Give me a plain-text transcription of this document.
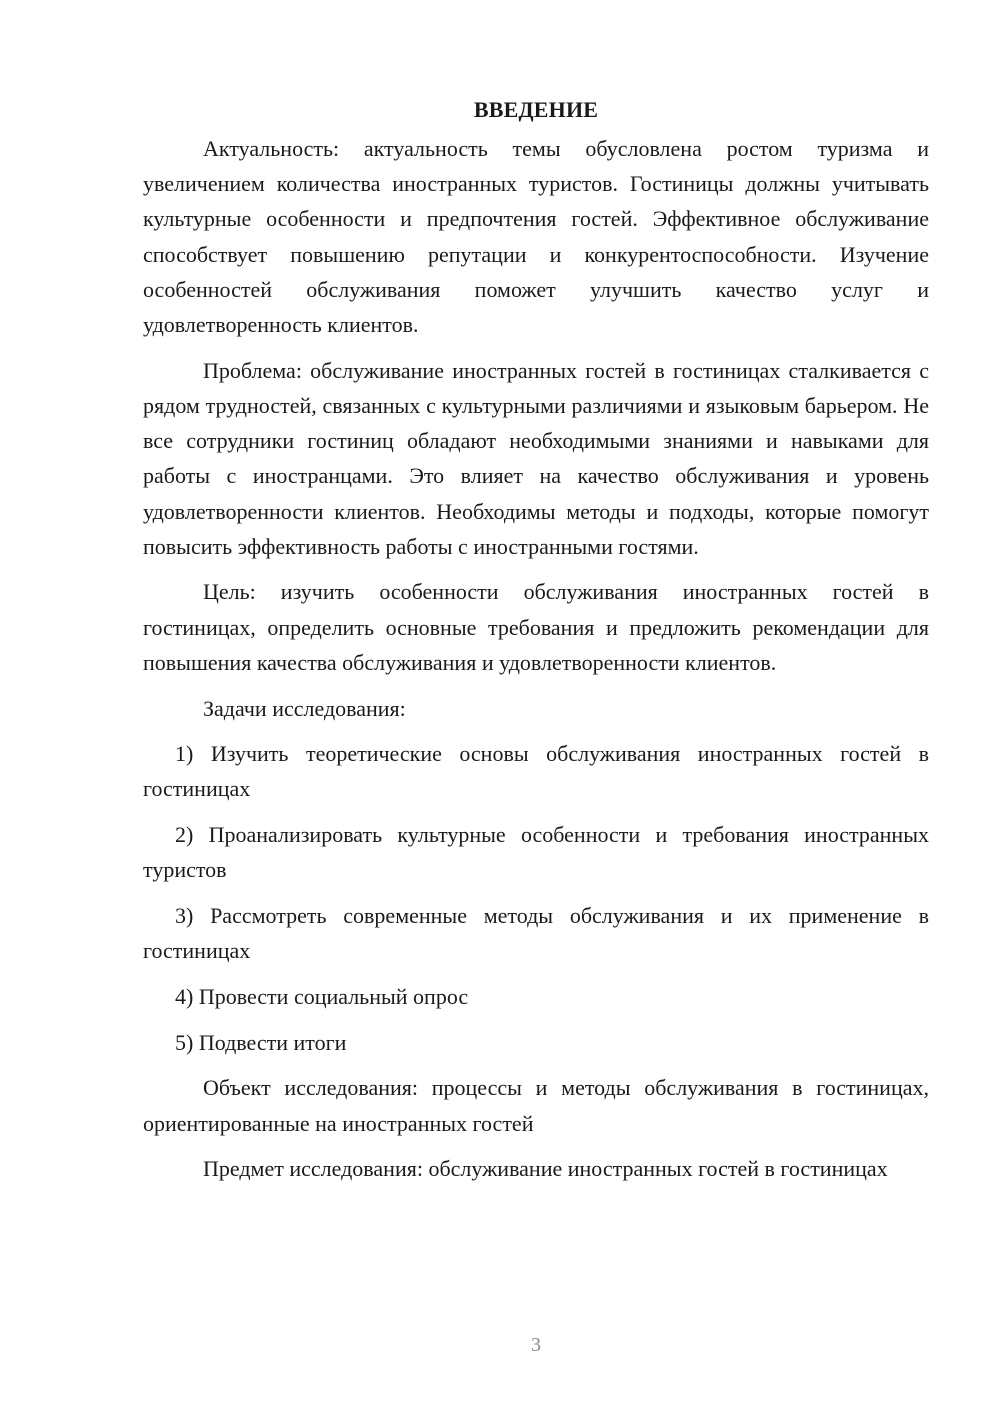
ВВЕДЕНИЕ

Актуальность: актуальность темы обусловлена ростом туризма и увеличением количества иностранных туристов. Гостиницы должны учитывать культурные особенности и предпочтения гостей. Эффективное обслуживание способствует повышению репутации и конкурентоспособности. Изучение особенностей обслуживания поможет улучшить качество услуг и удовлетворенность клиентов.

Проблема: обслуживание иностранных гостей в гостиницах сталкивается с рядом трудностей, связанных с культурными различиями и языковым барьером. Не все сотрудники гостиниц обладают необходимыми знаниями и навыками для работы с иностранцами. Это влияет на качество обслуживания и уровень удовлетворенности клиентов. Необходимы методы и подходы, которые помогут повысить эффективность работы с иностранными гостями.

Цель: изучить особенности обслуживания иностранных гостей в гостиницах, определить основные требования и предложить рекомендации для повышения качества обслуживания и удовлетворенности клиентов.

Задачи исследования:

1) Изучить теоретические основы обслуживания иностранных гостей в гостиницах

2) Проанализировать культурные особенности и требования иностранных туристов

3) Рассмотреть современные методы обслуживания и их применение в гостиницах

4) Провести социальный опрос

5) Подвести итоги

Объект исследования: процессы и методы обслуживания в гостиницах, ориентированные на иностранных гостей

Предмет исследования: обслуживание иностранных гостей в гостиницах

3
